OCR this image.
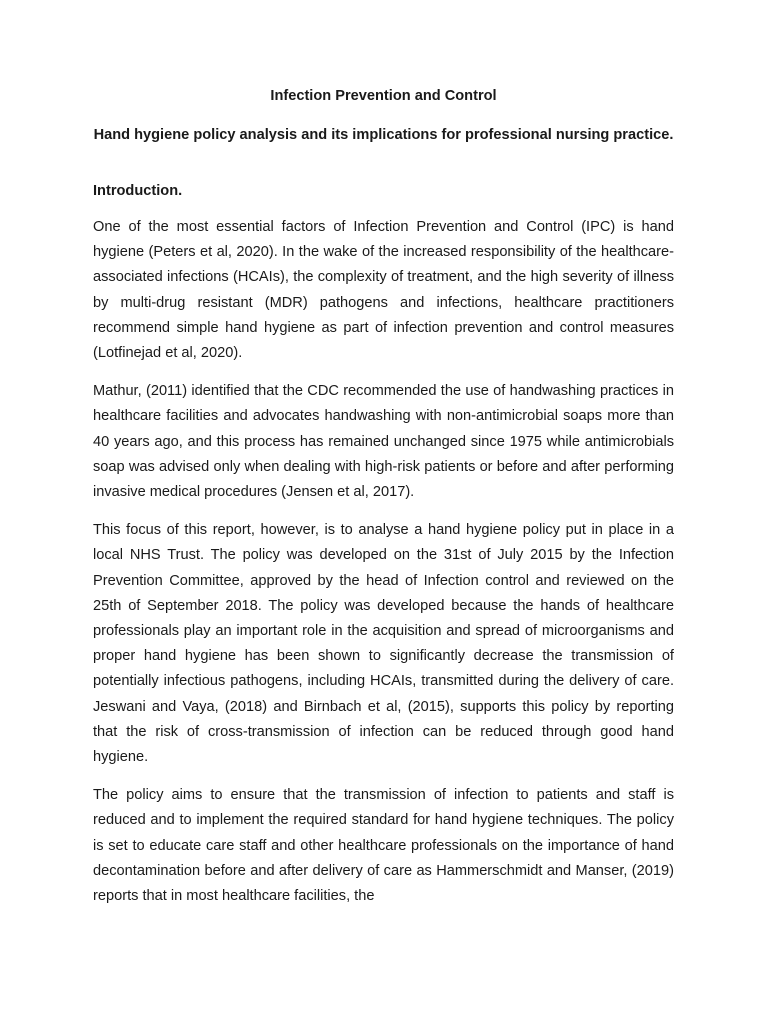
Infection Prevention and Control
Hand hygiene policy analysis and its implications for professional nursing practice.
Introduction.

One of the most essential factors of Infection Prevention and Control (IPC) is hand hygiene (Peters et al, 2020). In the wake of the increased responsibility of the healthcare-associated infections (HCAIs), the complexity of treatment, and the high severity of illness by multi-drug resistant (MDR) pathogens and infections, healthcare practitioners recommend simple hand hygiene as part of infection prevention and control measures (Lotfinejad et al, 2020).

Mathur, (2011) identified that the CDC recommended the use of handwashing practices in healthcare facilities and advocates handwashing with non-antimicrobial soaps more than 40 years ago, and this process has remained unchanged since 1975 while antimicrobials soap was advised only when dealing with high-risk patients or before and after performing invasive medical procedures (Jensen et al, 2017).

This focus of this report, however, is to analyse a hand hygiene policy put in place in a local NHS Trust. The policy was developed on the 31st of July 2015 by the Infection Prevention Committee, approved by the head of Infection control and reviewed on the 25th of September 2018. The policy was developed because the hands of healthcare professionals play an important role in the acquisition and spread of microorganisms and proper hand hygiene has been shown to significantly decrease the transmission of potentially infectious pathogens, including HCAIs, transmitted during the delivery of care. Jeswani and Vaya, (2018) and Birnbach et al, (2015), supports this policy by reporting that the risk of cross-transmission of infection can be reduced through good hand hygiene.

The policy aims to ensure that the transmission of infection to patients and staff is reduced and to implement the required standard for hand hygiene techniques. The policy is set to educate care staff and other healthcare professionals on the importance of hand decontamination before and after delivery of care as Hammerschmidt and Manser, (2019) reports that in most healthcare facilities, the
